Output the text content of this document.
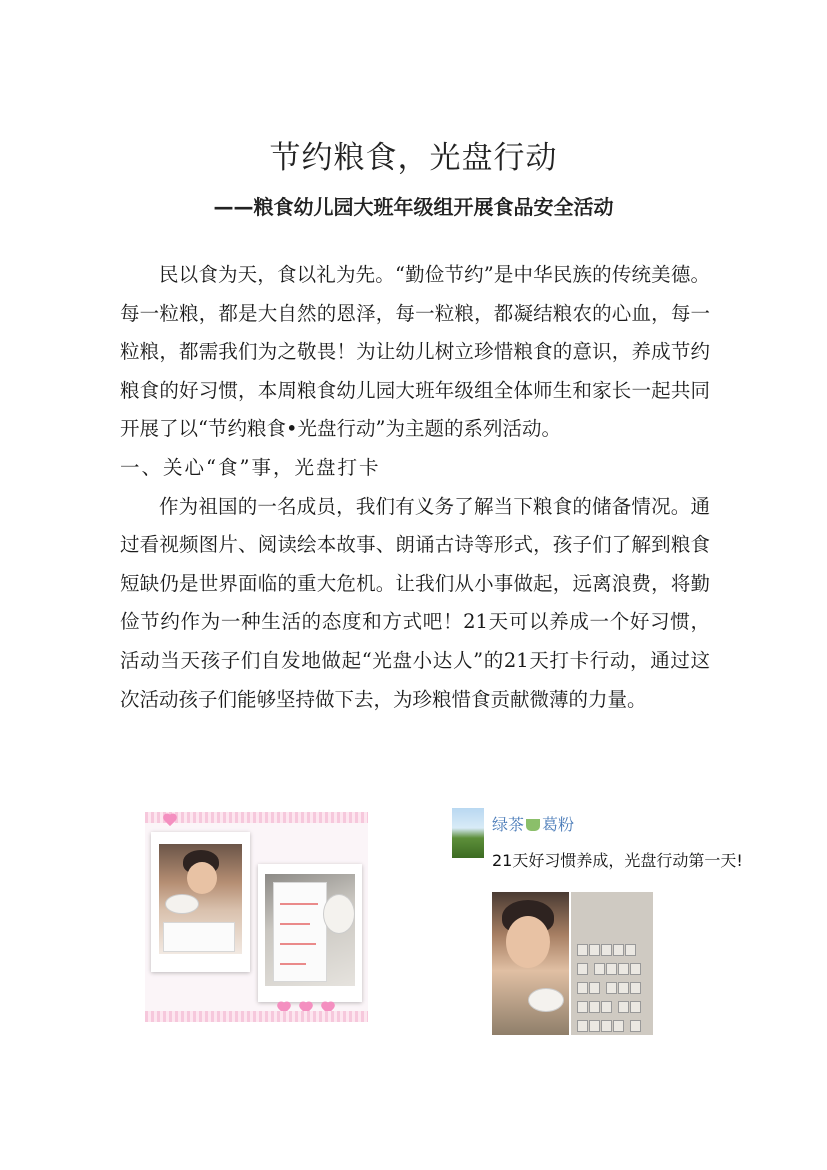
节约粮食，光盘行动
——粮食幼儿园大班年级组开展食品安全活动

民以食为天，食以礼为先。“勤俭节约”是中华民族的传统美德。每一粒粮，都是大自然的恩泽，每一粒粮，都凝结粮农的心血，每一粒粮，都需我们为之敬畏！为让幼儿树立珍惜粮食的意识，养成节约粮食的好习惯，本周粮食幼儿园大班年级组全体师生和家长一起共同开展了以“节约粮食•光盘行动”为主题的系列活动。

一、关心“食”事，光盘打卡

作为祖国的一名成员，我们有义务了解当下粮食的储备情况。通过看视频图片、阅读绘本故事、朗诵古诗等形式，孩子们了解到粮食短缺仍是世界面临的重大危机。让我们从小事做起，远离浪费，将勤俭节约作为一种生活的态度和方式吧！21天可以养成一个好习惯，活动当天孩子们自发地做起“光盘小达人”的21天打卡行动，通过这次活动孩子们能够坚持做下去，为珍粮惜食贡献微薄的力量。

绿茶 葛粉
21天好习惯养成，光盘行动第一天!
